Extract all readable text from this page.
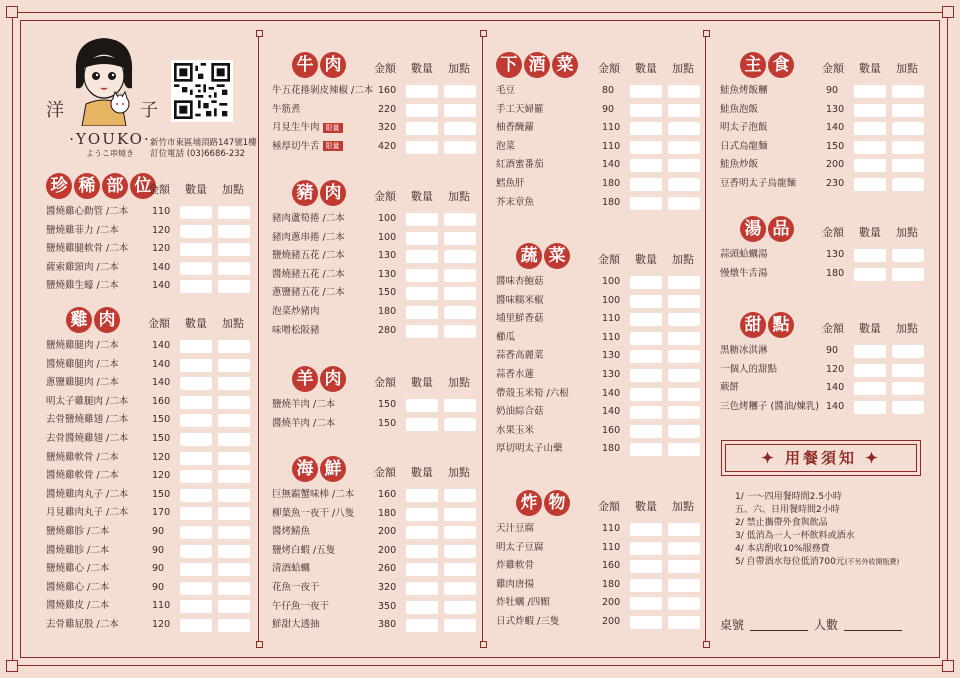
洋	子
·YOUKO·
ようこ串燒き
新竹市東區埔頂路147號1樓
訂位電話 (03)6686-232
珍 稀 部 位
金額 數量 加點
醬燒雞心動管 /二本	110
鹽燒雞菲力 /二本	120
鹽燒雞腿軟骨 /二本	120
薩索雞頸肉 /二本	140
鹽燒雞生蠔 /二本	140
雞 肉	金額 數量 加點
鹽燒雞腿肉 /二本	140
醬燒雞腿肉 /二本	140
蔥鹽雞腿肉 /二本	140
明太子雞腿肉 /二本	160
去骨鹽燒雞翅 /二本	150
去骨醬燒雞翅 /二本	150
鹽燒雞軟骨 /二本	120
醬燒雞軟骨 /二本	120
醬燒雞肉丸子 /二本	150
月見雞肉丸子 /二本	170
鹽燒雞胗 /二本	90
醬燒雞胗 /二本	90
鹽燒雞心 /二本	90
醬燒雞心 /二本	90
醬燒雞皮 /二本	110
去骨雞屁股 /二本	120
牛 肉	金額 數量 加點
牛五花捲剝皮辣椒 /二本 160
牛筋煮	220
月見生牛肉 限量	320
極厚切牛舌 限量	420
豬 肉	金額 數量 加點
豬肉蘆筍捲 /二本	100
豬肉蔥串捲 /二本	100
鹽燒豬五花 /二本	130
醬燒豬五花 /二本	130
蔥鹽豬五花 /二本	150
泡菜炒豬肉	180
味噌松阪豬	280
羊 肉	金額 數量 加點
鹽燒羊肉 /二本	150
醬燒羊肉 /二本	150
海 鮮	金額 數量 加點
巨無霸蟹味棒 /二本	160
柳葉魚一夜干 /八隻	180
醬烤鯖魚	200
鹽烤白蝦 /五隻	200
清酒蛤蠣	260
花魚一夜干	320
午仔魚一夜干	350
鮮甜大透抽	380
下 酒 菜	金額 數量 加點
毛豆	80
手工天婦羅	90
柚香醃蘿	110
泡菜	110
紅酒蜜番茄	140
鱈魚肝	180
芥末章魚	180
蔬 菜	金額 數量 加點
醬味杏鮑菇	100
醬味糯米椒	100
埔里鮮香菇	110
櫛瓜	110
蒜香高麗菜	130
蒜香水蓮	130
帶殼玉米筍 /六根	140
奶油綜合菇	140
水果玉米	160
厚切明太子山藥	180
炸 物	金額 數量 加點
天汁豆腐	110
明太子豆腐	110
炸雞軟骨	160
雞肉唐揚	180
炸牡蠣 /四顆	200
日式炸蝦 /三隻	200
主 食	金額 數量 加點
鮭魚烤飯糰	90
鮭魚泡飯	130
明太子泡飯	140
日式烏龍麵	150
鮭魚炒飯	200
豆香明太子烏龍麵	230
湯 品	金額 數量 加點
蒜頭蛤蠣湯	130
慢燉牛舌湯	180
甜 點	金額 數量 加點
黑糖冰淇淋	90
一個人的甜點	120
蕨餅	140
三色烤糰子 (醬油/煉乳) 140
✦ 用餐須知 ✦
1/ 一～四用餐時間2.5小時
五、六、日用餐時間2小時
2/ 禁止攜帶外食與飲品
3/ 低消為一人一杯飲料或酒水
4/ 本店酌收10%服務費
5/ 自帶酒水每位低消700元(不另外收開瓶費)
桌號	人數
